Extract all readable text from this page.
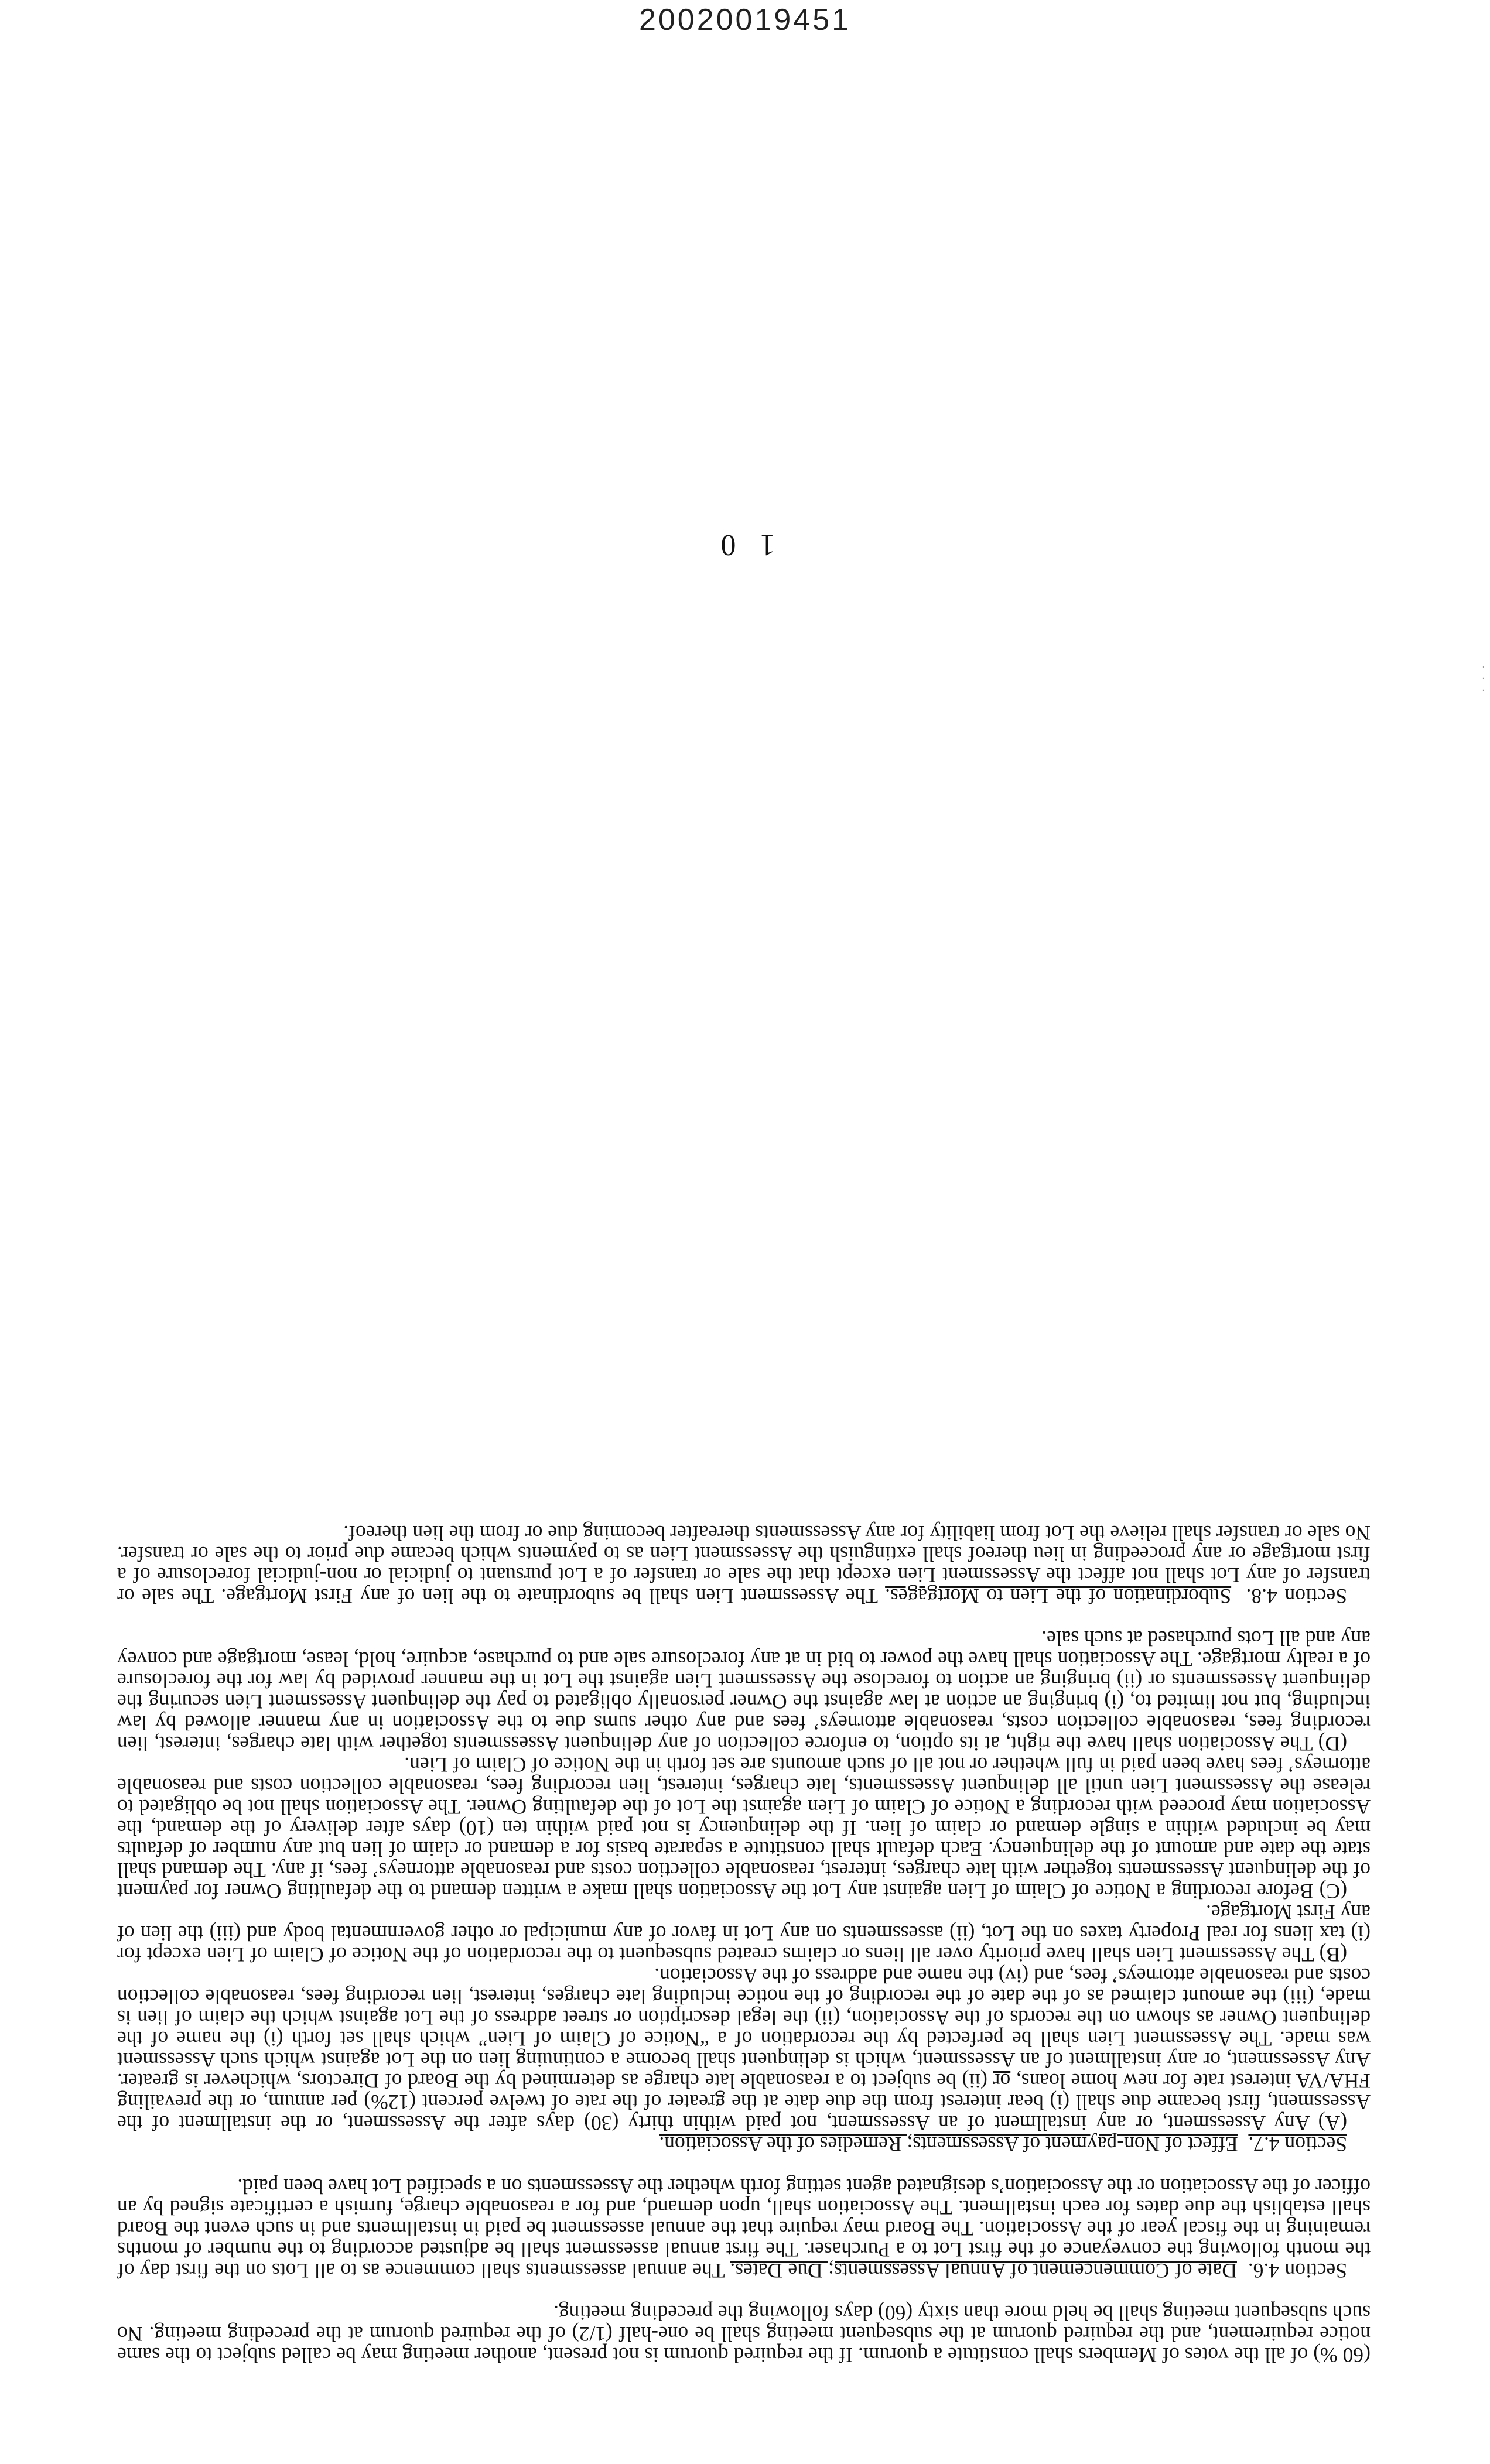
20020019451
·
·
·

(60 %) of all the votes of Members shall constitute a quorum. If the required quorum is not present, another meeting may be called subject to the same notice requirement, and the required quorum at the subsequent meeting shall be one-half (1/2) of the required quorum at the preceding meeting. No such subsequent meeting shall be held more than sixty (60) days following the preceding meeting.

Section 4.6.  Date of Commencement of Annual Assessments; Due Dates. The annual assessments shall commence as to all Lots on the first day of the month following the conveyance of the first Lot to a Purchaser. The first annual assessment shall be adjusted according to the number of months remaining in the fiscal year of the Association. The Board may require that the annual assessment be paid in installments and in such event the Board shall establish the due dates for each installment. The Association shall, upon demand, and for a reasonable charge, furnish a certificate signed by an officer of the Association or the Association’s designated agent setting forth whether the Assessments on a specified Lot have been paid.

Section 4.7.  Effect of Non-payment of Assessments; Remedies of the Association.

(A) Any Assessment, or any installment of an Assessment, not paid within thirty (30) days after the Assessment, or the installment of the Assessment, first became due shall (i) bear interest from the due date at the greater of the rate of twelve percent (12%) per annum, or the prevailing FHA/VA interest rate for new home loans, or (ii) be subject to a reasonable late charge as determined by the Board of Directors, whichever is greater. Any Assessment, or any installment of an Assessment, which is delinquent shall become a continuing lien on the Lot against which such Assessment was made. The Assessment Lien shall be perfected by the recordation of a “Notice of Claim of Lien” which shall set forth (i) the name of the delinquent Owner as shown on the records of the Association, (ii) the legal description or street address of the Lot against which the claim of lien is made, (iii) the amount claimed as of the date of the recording of the notice including late charges, interest, lien recording fees, reasonable collection costs and reasonable attorneys’ fees, and (iv) the name and address of the Association.

(B) The Assessment Lien shall have priority over all liens or claims created subsequent to the recordation of the Notice of Claim of Lien except for (i) tax liens for real Property taxes on the Lot, (ii) assessments on any Lot in favor of any municipal or other governmental body and (iii) the lien of any First Mortgage.

(C) Before recording a Notice of Claim of Lien against any Lot the Association shall make a written demand to the defaulting Owner for payment of the delinquent Assessments together with late charges, interest, reasonable collection costs and reasonable attorneys’ fees, if any. The demand shall state the date and amount of the delinquency. Each default shall constitute a separate basis for a demand or claim of lien but any number of defaults may be included within a single demand or claim of lien. If the delinquency is not paid within ten (10) days after delivery of the demand, the Association may proceed with recording a Notice of Claim of Lien against the Lot of the defaulting Owner. The Association shall not be obligated to release the Assessment Lien until all delinquent Assessments, late charges, interest, lien recording fees, reasonable collection costs and reasonable attorneys’ fees have been paid in full whether or not all of such amounts are set forth in the Notice of Claim of Lien.

(D) The Association shall have the right, at its option, to enforce collection of any delinquent Assessments together with late charges, interest, lien recording fees, reasonable collection costs, reasonable attorneys’ fees and any other sums due to the Association in any manner allowed by law including, but not limited to, (i) bringing an action at law against the Owner personally obligated to pay the delinquent Assessment Lien securing the delinquent Assessments or (ii) bringing an action to foreclose the Assessment Lien against the Lot in the manner provided by law for the foreclosure of a realty mortgage. The Association shall have the power to bid in at any foreclosure sale and to purchase, acquire, hold, lease, mortgage and convey any and all Lots purchased at such sale.

Section 4.8.  Subordination of the Lien to Mortgages. The Assessment Lien shall be subordinate to the lien of any First Mortgage. The sale or transfer of any Lot shall not affect the Assessment Lien except that the sale or transfer of a Lot pursuant to judicial or non-judicial foreclosure of a first mortgage or any proceeding in lieu thereof shall extinguish the Assessment Lien as to payments which became due prior to the sale or transfer. No sale or transfer shall relieve the Lot from liability for any Assessments thereafter becoming due or from the lien thereof.

1 0
